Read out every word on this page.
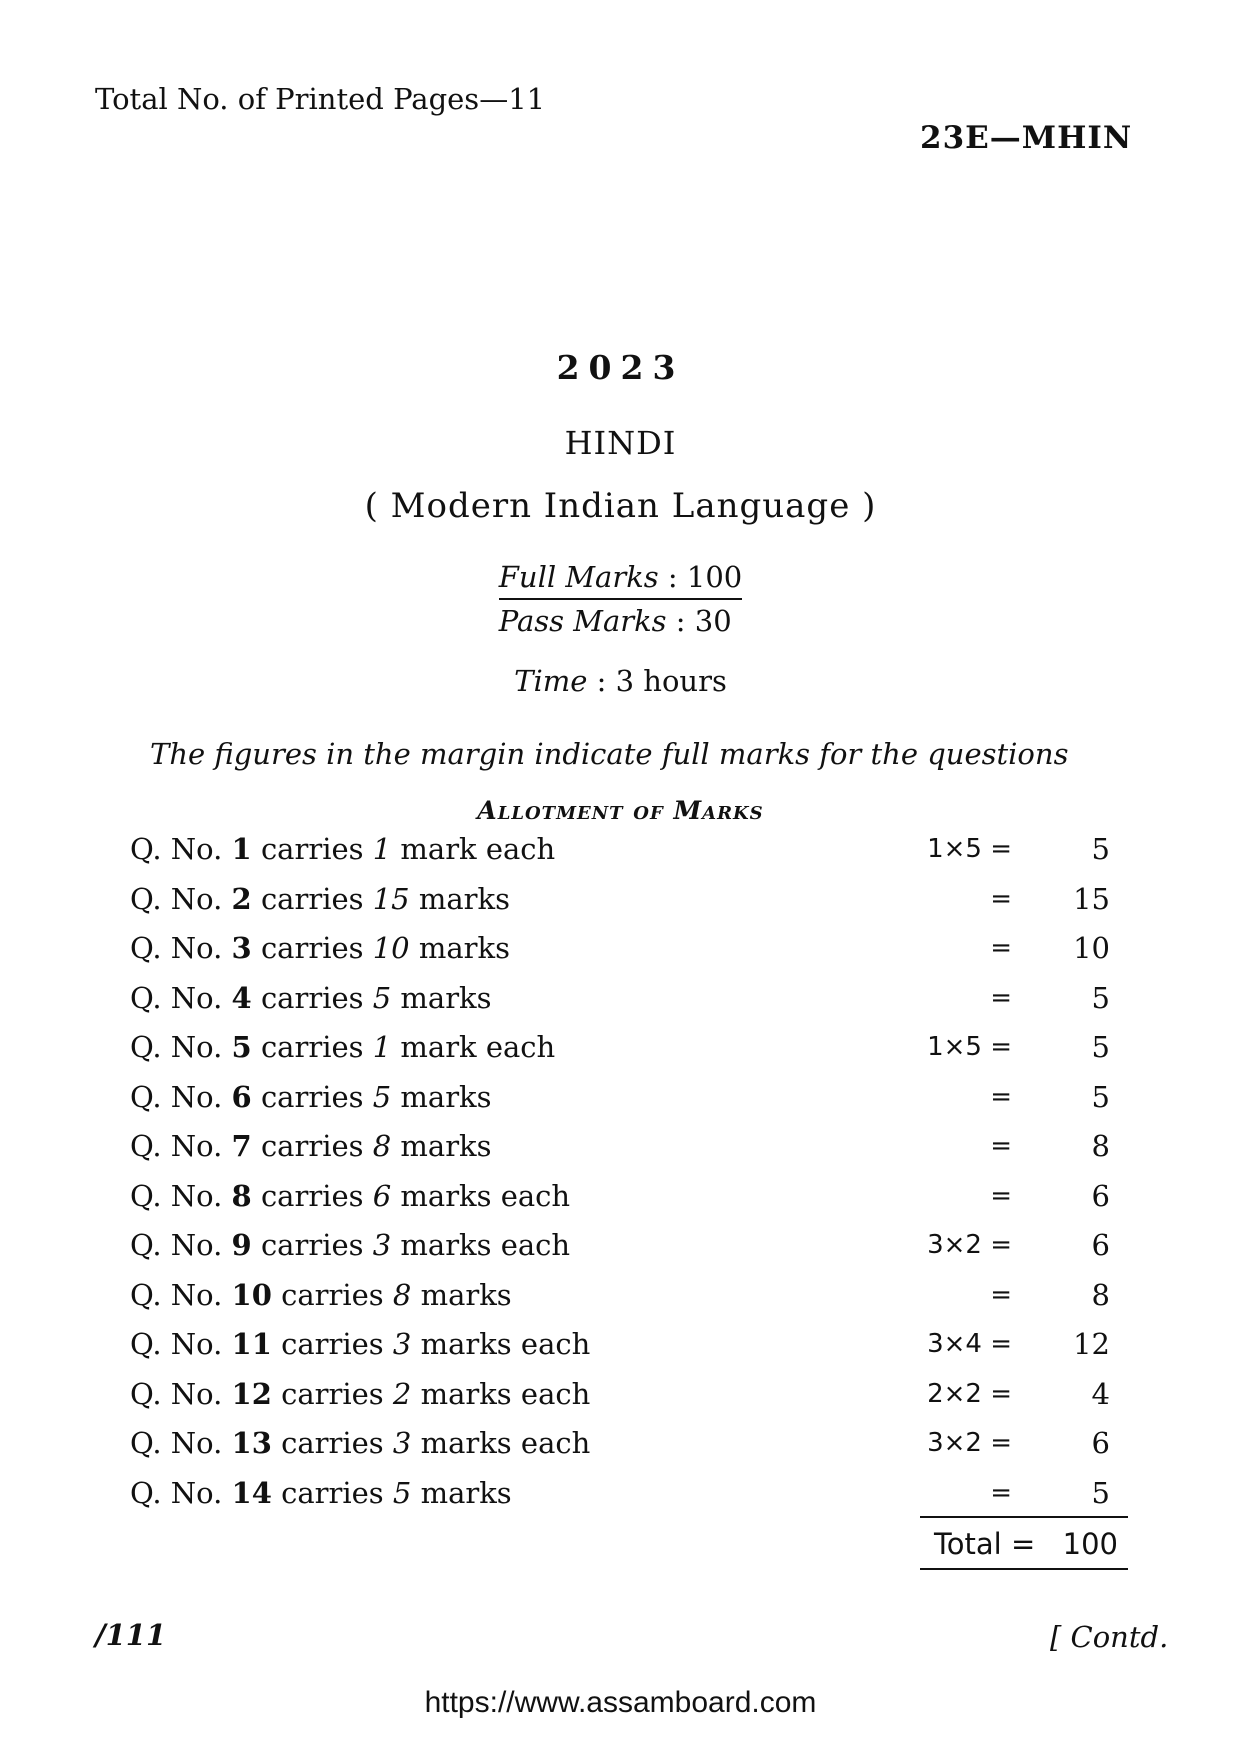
Total No. of Printed Pages—11
23E—MHIN
2023
HINDI
( Modern Indian Language )
Full Marks : 100
Pass Marks : 30
Time : 3 hours
The figures in the margin indicate full marks for the questions
Allotment of Marks
Q. No. 1 carries 1 mark each	1×5 =	5
Q. No. 2 carries 15 marks	=	15
Q. No. 3 carries 10 marks	=	10
Q. No. 4 carries 5 marks	=	5
Q. No. 5 carries 1 mark each	1×5 =	5
Q. No. 6 carries 5 marks	=	5
Q. No. 7 carries 8 marks	=	8
Q. No. 8 carries 6 marks each	=	6
Q. No. 9 carries 3 marks each	3×2 =	6
Q. No. 10 carries 8 marks	=	8
Q. No. 11 carries 3 marks each	3×4 =	12
Q. No. 12 carries 2 marks each	2×2 =	4
Q. No. 13 carries 3 marks each	3×2 =	6
Q. No. 14 carries 5 marks	=	5
Total = 100
/111	[ Contd.
https://www.assamboard.com
